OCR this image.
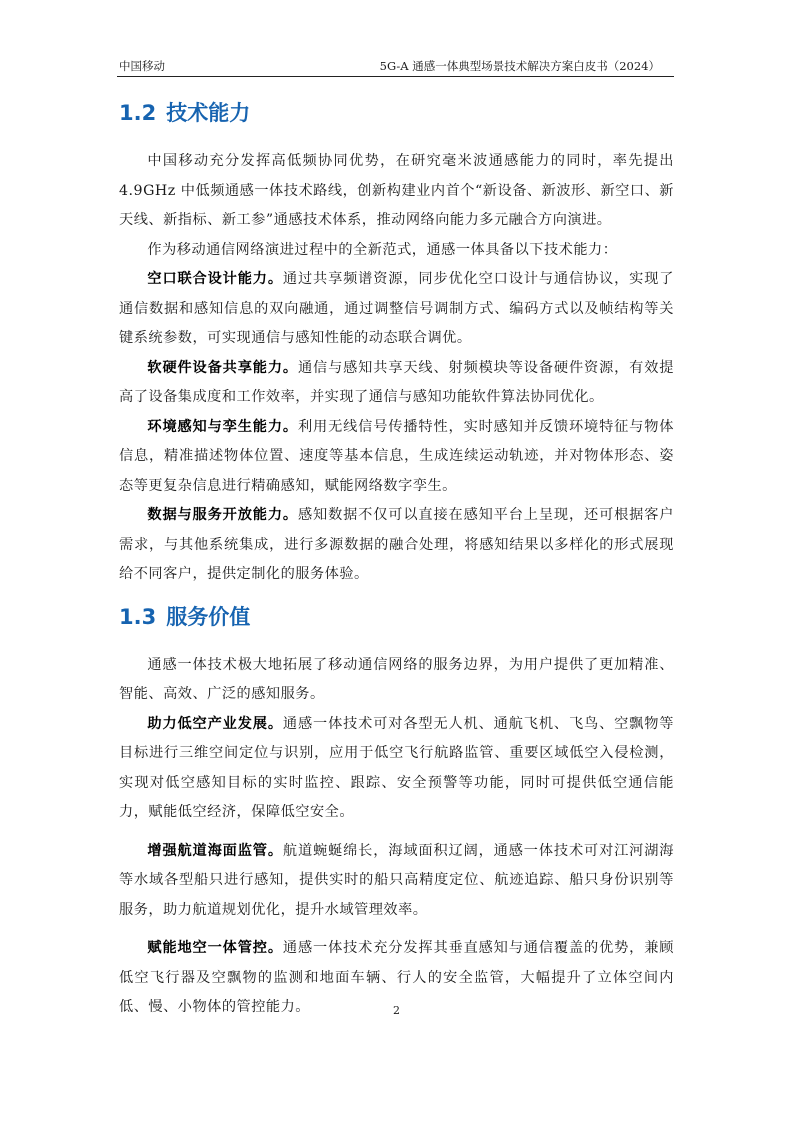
中国移动	5G-A 通感一体典型场景技术解决方案白皮书（2024）
1.2 技术能力

中国移动充分发挥高低频协同优势，在研究毫米波通感能力的同时，率先提出 4.9GHz 中低频通感一体技术路线，创新构建业内首个“新设备、新波形、新空口、新天线、新指标、新工参”通感技术体系，推动网络向能力多元融合方向演进。

作为移动通信网络演进过程中的全新范式，通感一体具备以下技术能力：

空口联合设计能力。通过共享频谱资源，同步优化空口设计与通信协议，实现了通信数据和感知信息的双向融通，通过调整信号调制方式、编码方式以及帧结构等关键系统参数，可实现通信与感知性能的动态联合调优。

软硬件设备共享能力。通信与感知共享天线、射频模块等设备硬件资源，有效提高了设备集成度和工作效率，并实现了通信与感知功能软件算法协同优化。

环境感知与孪生能力。利用无线信号传播特性，实时感知并反馈环境特征与物体信息，精准描述物体位置、速度等基本信息，生成连续运动轨迹，并对物体形态、姿态等更复杂信息进行精确感知，赋能网络数字孪生。

数据与服务开放能力。感知数据不仅可以直接在感知平台上呈现，还可根据客户需求，与其他系统集成，进行多源数据的融合处理，将感知结果以多样化的形式展现给不同客户，提供定制化的服务体验。

1.3 服务价值

通感一体技术极大地拓展了移动通信网络的服务边界，为用户提供了更加精准、智能、高效、广泛的感知服务。

助力低空产业发展。通感一体技术可对各型无人机、通航飞机、飞鸟、空飘物等目标进行三维空间定位与识别，应用于低空飞行航路监管、重要区域低空入侵检测，实现对低空感知目标的实时监控、跟踪、安全预警等功能，同时可提供低空通信能力，赋能低空经济，保障低空安全。

增强航道海面监管。航道蜿蜒绵长，海域面积辽阔，通感一体技术可对江河湖海等水域各型船只进行感知，提供实时的船只高精度定位、航迹追踪、船只身份识别等服务，助力航道规划优化，提升水域管理效率。

赋能地空一体管控。通感一体技术充分发挥其垂直感知与通信覆盖的优势，兼顾低空飞行器及空飘物的监测和地面车辆、行人的安全监管，大幅提升了立体空间内低、慢、小物体的管控能力。	2
